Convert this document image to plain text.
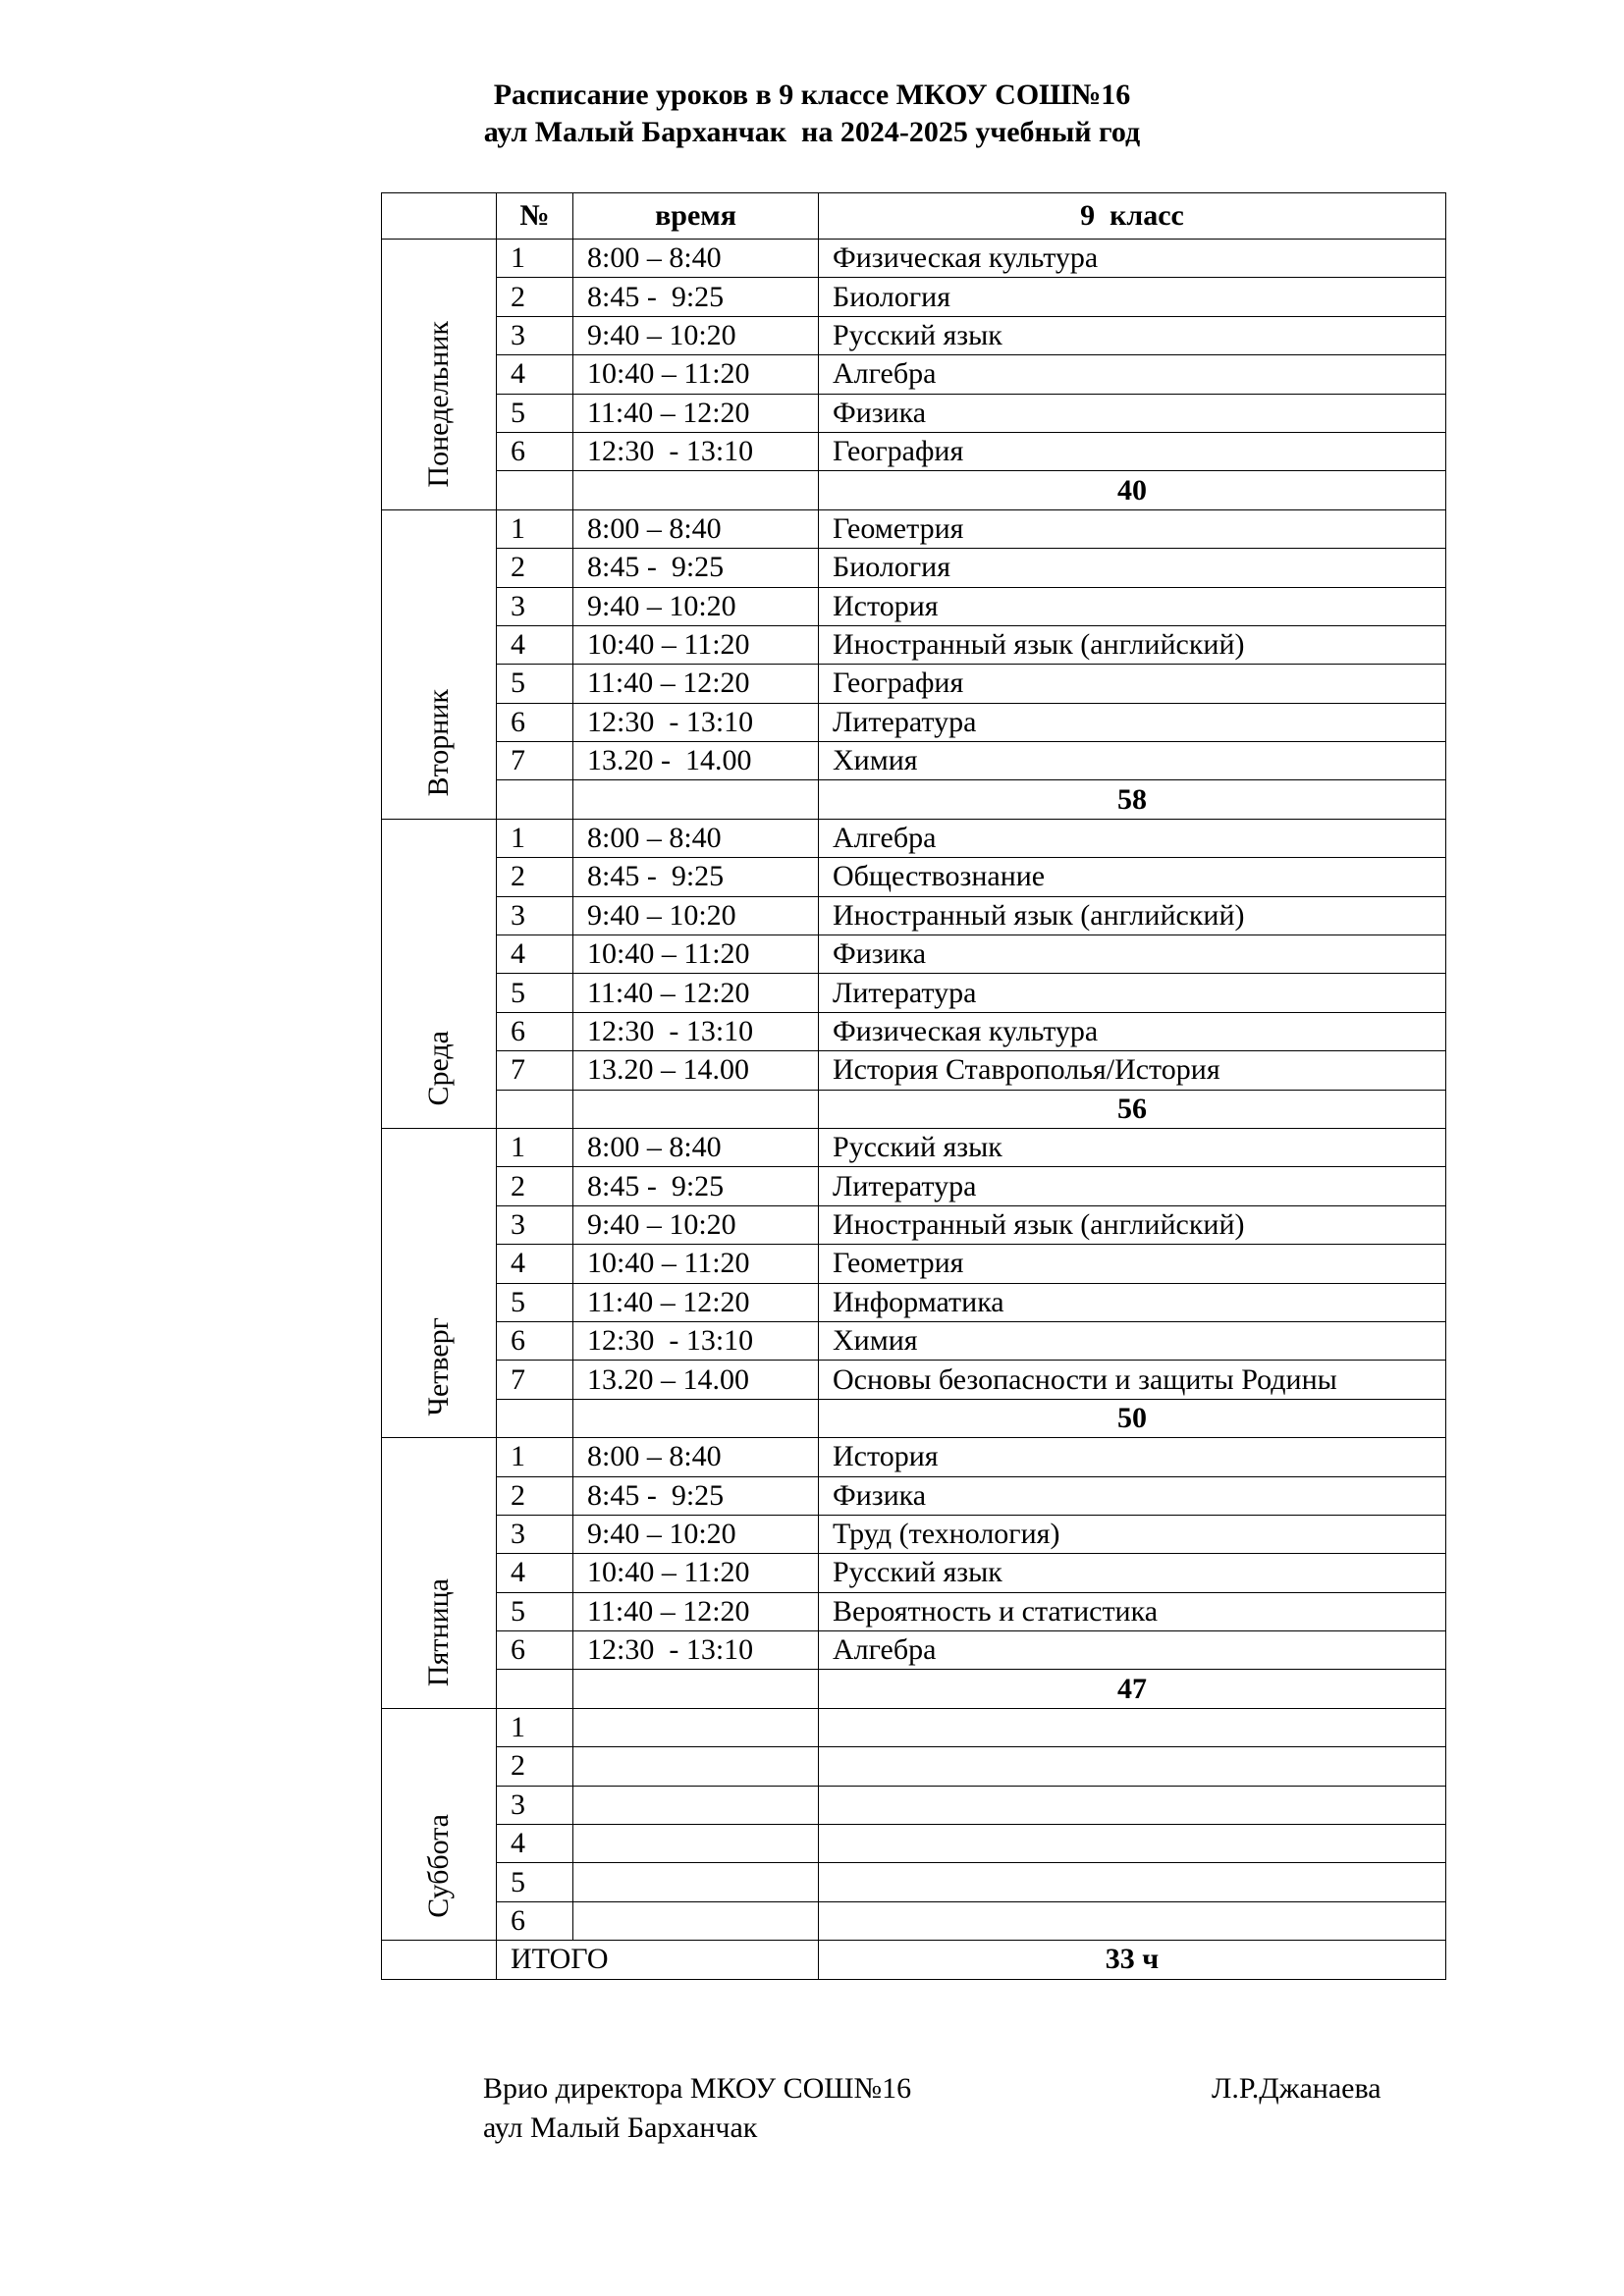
Расписание уроков в 9 классе МКОУ СОШ№16
аул Малый Барханчак  на 2024-2025 учебный год
	№	время	9  класс
Понедельник	1	8:00 – 8:40	Физическая культура
	2	8:45 -  9:25	Биология
	3	9:40 – 10:20	Русский язык
	4	10:40 – 11:20	Алгебра
	5	11:40 – 12:20	Физика
	6	12:30  - 13:10	География
			40
Вторник	1	8:00 – 8:40	Геометрия
	2	8:45 -  9:25	Биология
	3	9:40 – 10:20	История
	4	10:40 – 11:20	Иностранный язык (английский)
	5	11:40 – 12:20	География
	6	12:30  - 13:10	Литература
	7	13.20 -  14.00	Химия
			58
Среда	1	8:00 – 8:40	Алгебра
	2	8:45 -  9:25	Обществознание
	3	9:40 – 10:20	Иностранный язык (английский)
	4	10:40 – 11:20	Физика
	5	11:40 – 12:20	Литература
	6	12:30  - 13:10	Физическая культура
	7	13.20 – 14.00	История Ставрополья/История
			56
Четверг	1	8:00 – 8:40	Русский язык
	2	8:45 -  9:25	Литература
	3	9:40 – 10:20	Иностранный язык (английский)
	4	10:40 – 11:20	Геометрия
	5	11:40 – 12:20	Информатика
	6	12:30  - 13:10	Химия
	7	13.20 – 14.00	Основы безопасности и защиты Родины
			50
Пятница	1	8:00 – 8:40	История
	2	8:45 -  9:25	Физика
	3	9:40 – 10:20	Труд (технология)
	4	10:40 – 11:20	Русский язык
	5	11:40 – 12:20	Вероятность и статистика
	6	12:30  - 13:10	Алгебра
			47
Суббота	1		
	2		
	3		
	4		
	5		
	6		
	ИТОГО		33 ч
Врио директора МКОУ СОШ№16
аул Малый Барханчак
Л.Р.Джанаева
